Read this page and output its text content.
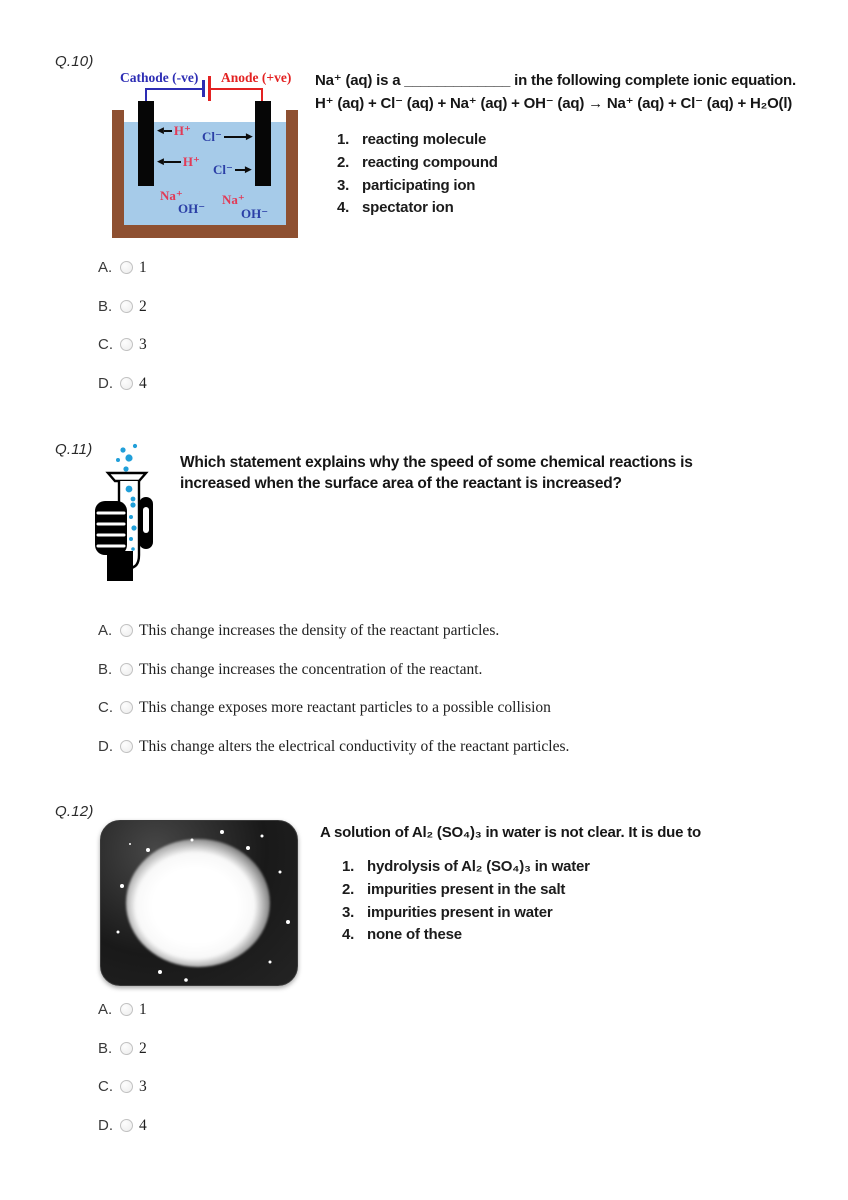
Q.10)
Cathode (-ve) Anode (+ve)
◀ H⁺ Cl⁻	▶
◀ H⁺
Cl⁻ ▶
Na⁺
OH⁻
Na⁺
OH⁻
Na⁺ (aq) is a _____________ in the following complete ionic equation.
H⁺ (aq) + Cl⁻ (aq) + Na⁺ (aq) + OH⁻ (aq) → Na⁺ (aq) + Cl⁻ (aq) + H₂O(l)
1. reacting molecule
2. reacting compound
3. participating ion
4. spectator ion
A.	1
B.	2
C. 3
D. 4
Q.11)
Which statement explains why the speed of some chemical reactions is increased when the surface area of the reactant is increased?
A.	This change increases the density of the reactant particles.
B.	This change increases the concentration of the reactant.
C. This change exposes more reactant particles to a possible collision
D. This change alters the electrical conductivity of the reactant particles.
Q.12)
A solution of Al₂ (SO₄)₃ in water is not clear. It is due to
1. hydrolysis of Al₂ (SO₄)₃ in water
2. impurities present in the salt
3. impurities present in water
4. none of these
A.	1
B.	2
C. 3
D. 4
